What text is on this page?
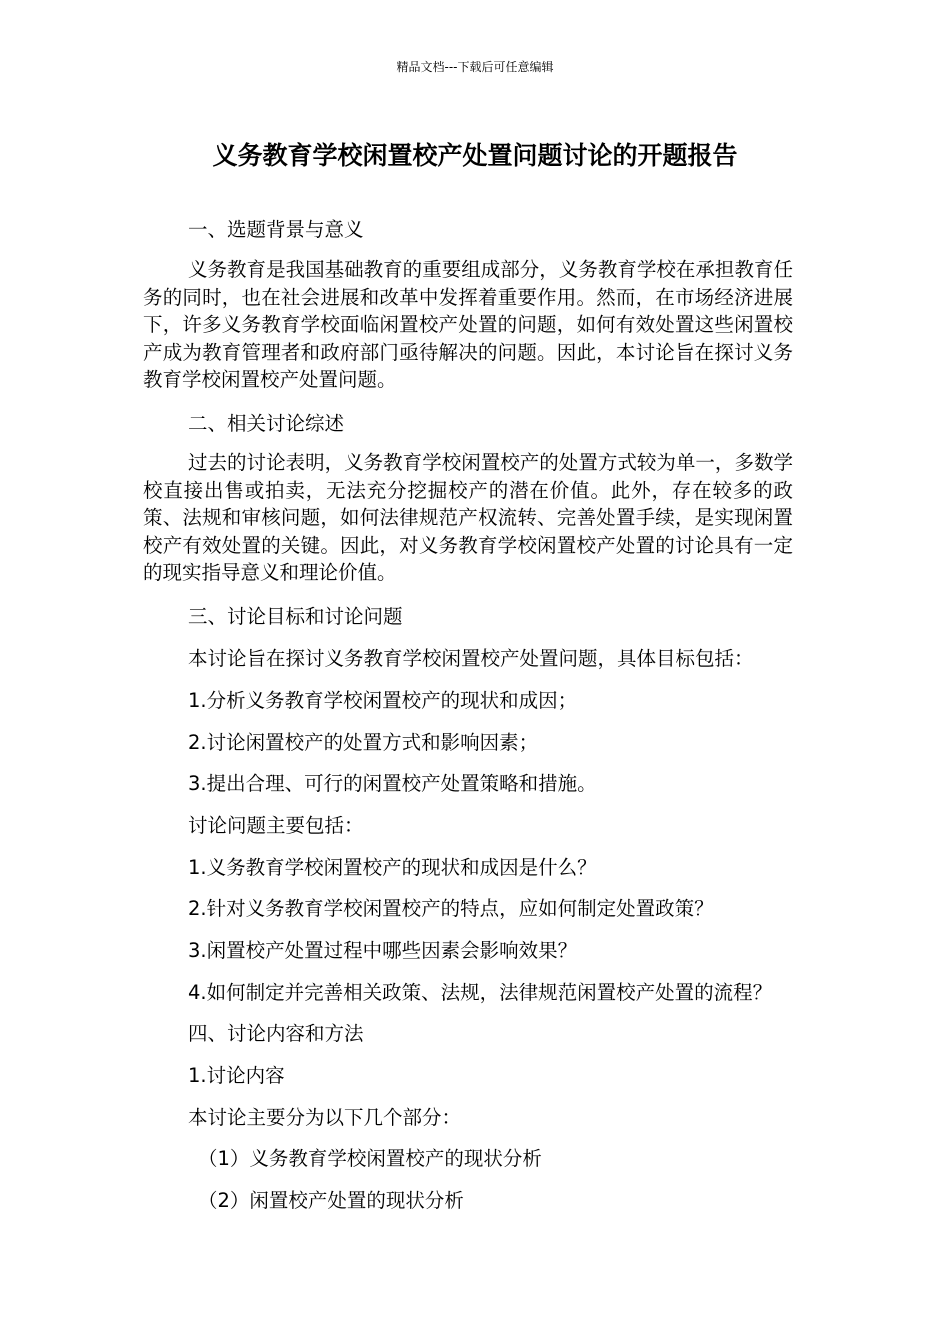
精品文档---下载后可任意编辑
义务教育学校闲置校产处置问题讨论的开题报告
一、选题背景与意义
义务教育是我国基础教育的重要组成部分，义务教育学校在承担教育任务的同时，也在社会进展和改革中发挥着重要作用。然而，在市场经济进展下，许多义务教育学校面临闲置校产处置的问题，如何有效处置这些闲置校产成为教育管理者和政府部门亟待解决的问题。因此，本讨论旨在探讨义务教育学校闲置校产处置问题。
二、相关讨论综述
过去的讨论表明，义务教育学校闲置校产的处置方式较为单一，多数学校直接出售或拍卖，无法充分挖掘校产的潜在价值。此外，存在较多的政策、法规和审核问题，如何法律规范产权流转、完善处置手续，是实现闲置校产有效处置的关键。因此，对义务教育学校闲置校产处置的讨论具有一定的现实指导意义和理论价值。
三、讨论目标和讨论问题
本讨论旨在探讨义务教育学校闲置校产处置问题，具体目标包括：
1.分析义务教育学校闲置校产的现状和成因；
2.讨论闲置校产的处置方式和影响因素；
3.提出合理、可行的闲置校产处置策略和措施。
讨论问题主要包括：
1.义务教育学校闲置校产的现状和成因是什么？
2.针对义务教育学校闲置校产的特点，应如何制定处置政策？
3.闲置校产处置过程中哪些因素会影响效果？
4.如何制定并完善相关政策、法规，法律规范闲置校产处置的流程？
四、讨论内容和方法
1.讨论内容
本讨论主要分为以下几个部分：
（1）义务教育学校闲置校产的现状分析
（2）闲置校产处置的现状分析
